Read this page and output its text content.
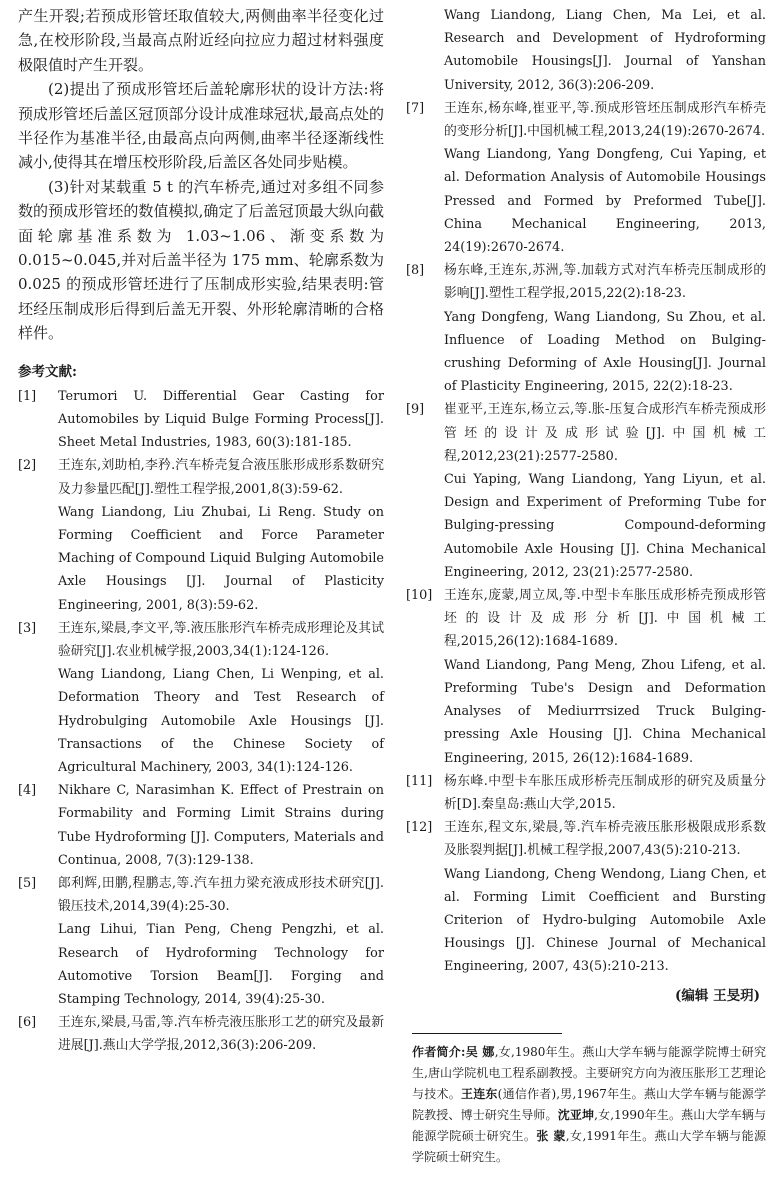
产生开裂;若预成形管坯取值较大,两侧曲率半径变化过急,在校形阶段,当最高点附近经向拉应力超过材料强度极限值时产生开裂。

(2)提出了预成形管坯后盖轮廓形状的设计方法:将预成形管坯后盖区冠顶部分设计成准球冠状,最高点处的半径作为基准半径,由最高点向两侧,曲率半径逐渐线性减小,使得其在增压校形阶段,后盖区各处同步贴模。

(3)针对某载重 5 t 的汽车桥壳,通过对多组不同参数的预成形管坯的数值模拟,确定了后盖冠顶最大纵向截面轮廓基准系数为 1.03~1.06、渐变系数为 0.015~0.045,并对后盖半径为 175 mm、轮廓系数为 0.025 的预成形管坯进行了压制成形实验,结果表明:管坯经压制成形后得到后盖无开裂、外形轮廓清晰的合格样件。

参考文献:
[1] Terumori U. Differential Gear Casting for Automobiles by Liquid Bulge Forming Process[J]. Sheet Metal Industries, 1983, 60(3):181-185.
[2] 王连东,刘助柏,李矜.汽车桥壳复合液压胀形成形系数研究及力参量匹配[J].塑性工程学报,2001,8(3):59-62.
Wang Liandong, Liu Zhubai, Li Reng. Study on Forming Coefficient and Force Parameter Maching of Compound Liquid Bulging Automobile Axle Housings [J]. Journal of Plasticity Engineering, 2001, 8(3):59-62.
[3] 王连东,梁晨,李文平,等.液压胀形汽车桥壳成形理论及其试验研究[J].农业机械学报,2003,34(1):124-126.
Wang Liandong, Liang Chen, Li Wenping, et al. Deformation Theory and Test Research of Hydrobulging Automobile Axle Housings [J]. Transactions of the Chinese Society of Agricultural Machinery, 2003, 34(1):124-126.
[4] Nikhare C, Narasimhan K. Effect of Prestrain on Formability and Forming Limit Strains during Tube Hydroforming [J]. Computers, Materials and Continua, 2008, 7(3):129-138.
[5] 郎利辉,田鹏,程鹏志,等.汽车扭力梁充液成形技术研究[J].锻压技术,2014,39(4):25-30.
Lang Lihui, Tian Peng, Cheng Pengzhi, et al. Research of Hydroforming Technology for Automotive Torsion Beam[J]. Forging and Stamping Technology, 2014, 39(4):25-30.
[6] 王连东,梁晨,马雷,等.汽车桥壳液压胀形工艺的研究及最新进展[J].燕山大学学报,2012,36(3):206-209.
Wang Liandong, Liang Chen, Ma Lei, et al. Research and Development of Hydroforming Automobile Housings[J]. Journal of Yanshan University, 2012, 36(3):206-209.
[7] 王连东,杨东峰,崔亚平,等.预成形管坯压制成形汽车桥壳的变形分析[J].中国机械工程,2013,24(19):2670-2674.
Wang Liandong, Yang Dongfeng, Cui Yaping, et al. Deformation Analysis of Automobile Housings Pressed and Formed by Preformed Tube[J]. China Mechanical Engineering, 2013, 24(19):2670-2674.
[8] 杨东峰,王连东,苏洲,等.加载方式对汽车桥壳压制成形的影响[J].塑性工程学报,2015,22(2):18-23.
Yang Dongfeng, Wang Liandong, Su Zhou, et al. Influence of Loading Method on Bulging-crushing Deforming of Axle Housing[J]. Journal of Plasticity Engineering, 2015, 22(2):18-23.
[9] 崔亚平,王连东,杨立云,等.胀-压复合成形汽车桥壳预成形管坯的设计及成形试验[J].中国机械工程,2012,23(21):2577-2580.
Cui Yaping, Wang Liandong, Yang Liyun, et al. Design and Experiment of Preforming Tube for Bulging-pressing Compound-deforming Automobile Axle Housing [J]. China Mechanical Engineering, 2012, 23(21):2577-2580.
[10] 王连东,庞蒙,周立凤,等.中型卡车胀压成形桥壳预成形管坯的设计及成形分析[J].中国机械工程,2015,26(12):1684-1689.
Wand Liandong, Pang Meng, Zhou Lifeng, et al. Preforming Tube's Design and Deformation Analyses of Mediurrrsized Truck Bulging-pressing Axle Housing [J]. China Mechanical Engineering, 2015, 26(12):1684-1689.
[11] 杨东峰.中型卡车胀压成形桥壳压制成形的研究及质量分析[D].秦皇岛:燕山大学,2015.
[12] 王连东,程文东,梁晨,等.汽车桥壳液压胀形极限成形系数及胀裂判据[J].机械工程学报,2007,43(5):210-213.
Wang Liandong, Cheng Wendong, Liang Chen, et al. Forming Limit Coefficient and Bursting Criterion of Hydro-bulging Automobile Axle Housings [J]. Chinese Journal of Mechanical Engineering, 2007, 43(5):210-213.
(编辑 王旻玥)

作者简介:吴 娜,女,1980年生。燕山大学车辆与能源学院博士研究生,唐山学院机电工程系副教授。主要研究方向为液压胀形工艺理论与技术。王连东(通信作者),男,1967年生。燕山大学车辆与能源学院教授、博士研究生导师。沈亚坤,女,1990年生。燕山大学车辆与能源学院硕士研究生。张 蒙,女,1991年生。燕山大学车辆与能源学院硕士研究生。
